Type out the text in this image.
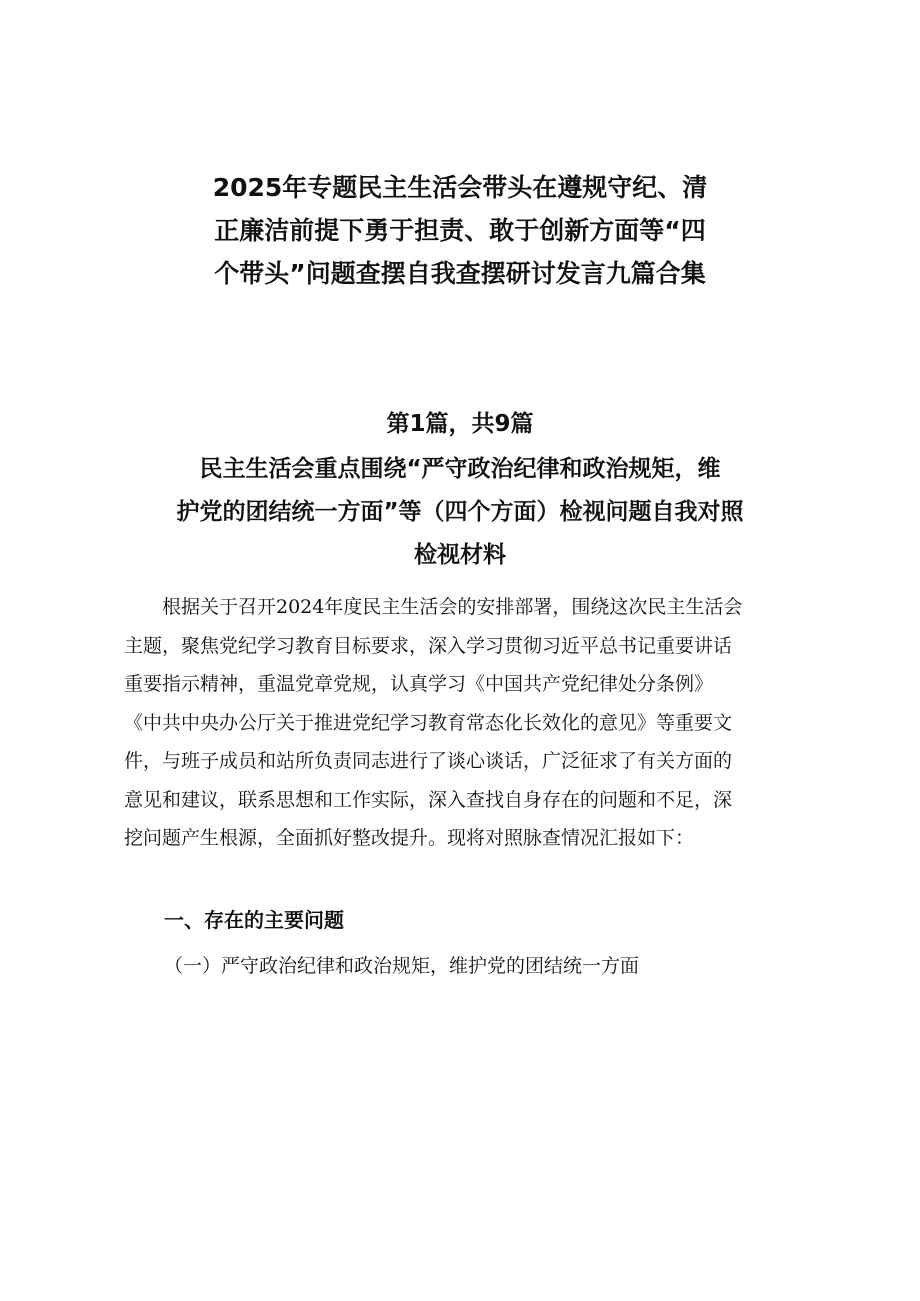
2025年专题民主生活会带头在遵规守纪、清
正廉洁前提下勇于担责、敢于创新方面等“四
个带头”问题查摆自我查摆研讨发言九篇合集
第1篇，共9篇
民主生活会重点围绕“严守政治纪律和政治规矩，维
护党的团结统一方面”等（四个方面）检视问题自我对照
检视材料
根据关于召开2024年度民主生活会的安排部署，围绕这次民主生活会
主题，聚焦党纪学习教育目标要求，深入学习贯彻习近平总书记重要讲话
重要指示精神，重温党章党规，认真学习《中国共产党纪律处分条例》
《中共中央办公厅关于推进党纪学习教育常态化长效化的意见》等重要文
件，与班子成员和站所负责同志进行了谈心谈话，广泛征求了有关方面的
意见和建议，联系思想和工作实际，深入查找自身存在的问题和不足，深
挖问题产生根源，全面抓好整改提升。现将对照脉查情况汇报如下：
一、存在的主要问题
（一）严守政治纪律和政治规矩，维护党的团结统一方面
